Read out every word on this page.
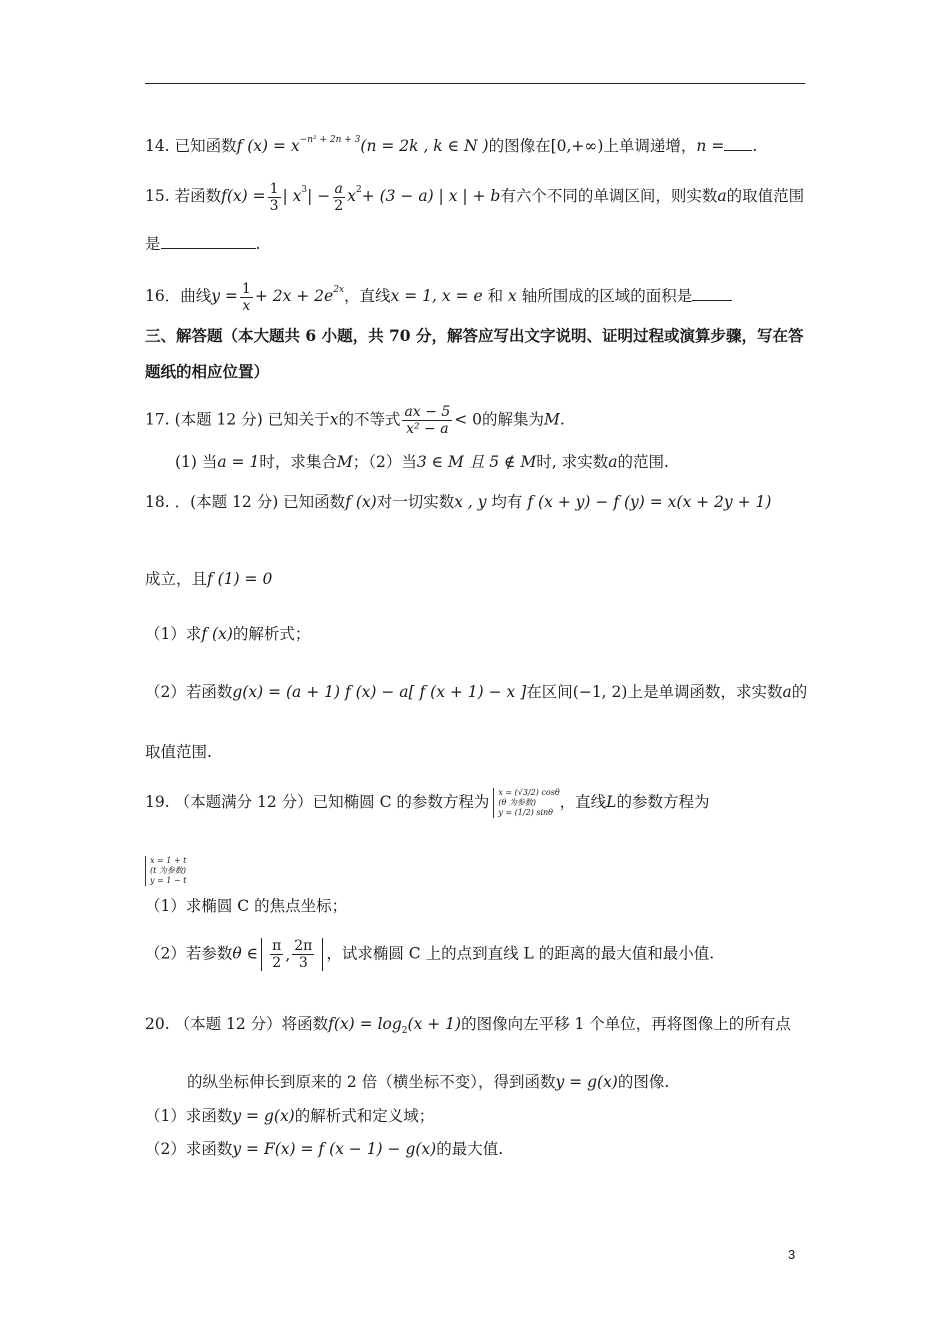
14. 已知函数f $(x) = x^{-n^2 + 2n + 3}(n = 2k$ , k ∈ N )的图像在[0,+∞)上单调递增，n = .
15. 若函数$f(x) = \frac{1}{3}$ | $x^3| - \frac{a}{2} x^2+ (3 - a)$ | x | + b有六个不同的单调区间，则实数a的取值范围
是	.
16．曲线$y = \frac{1}{x} + 2x + 2e^{2x}$，直线x = 1, x = e 和 x 轴所围成的区域的面积是
三、解答题（本大题共 6 小题，共 70 分，解答应写出文字说明、证明过程或演算步骤，写在答
题纸的相应位置）
17. (本题 12 分) 已知关于x的不等式 $\frac{ax - 5}{\text{x² − a}} < 0$的解集为M.
(1) 当a = 1时，求集合M；（2）当3 ∈ M 且 5 ∉ M时, 求实数a的范围.
18. ．(本题 12 分) 已知函数f (x)对一切实数x , y 均有 f (x + y) − f (y) = x(x + 2y + 1)
成立，且f (1) = 0
（1）求f (x)的解析式；
（2）若函数g(x) = (a + 1) f (x) − a[ f (x + 1) − x ]在区间(−1, 2)上是单调函数，求实数a的
取值范围.
19. （本题满分 12 分）已知椭圆 C 的参数方程为
x = (√3/2) cosθ
(θ 为参数)
y = (1/2) sinθ
，直线L的参数方程为
x = 1 + t
(t 为参数)
y = 1 − t
（1）求椭圆 C 的焦点坐标；
（2）若参数θ ∈ $\frac{\pi}{2}$ , $\frac{2\pi}{3}$ ，试求椭圆 C 上的点到直线 L 的距离的最大值和最小值.
20. （本题 12 分）将函数$f(x) = \log_2(x + 1)$的图像向左平移 1 个单位，再将图像上的所有点
的纵坐标伸长到原来的 2 倍（横坐标不变），得到函数y = g(x)的图像.
（1）求函数y = g(x)的解析式和定义域；
（2）求函数y = F(x) = f (x − 1) − g(x)的最大值.
3
